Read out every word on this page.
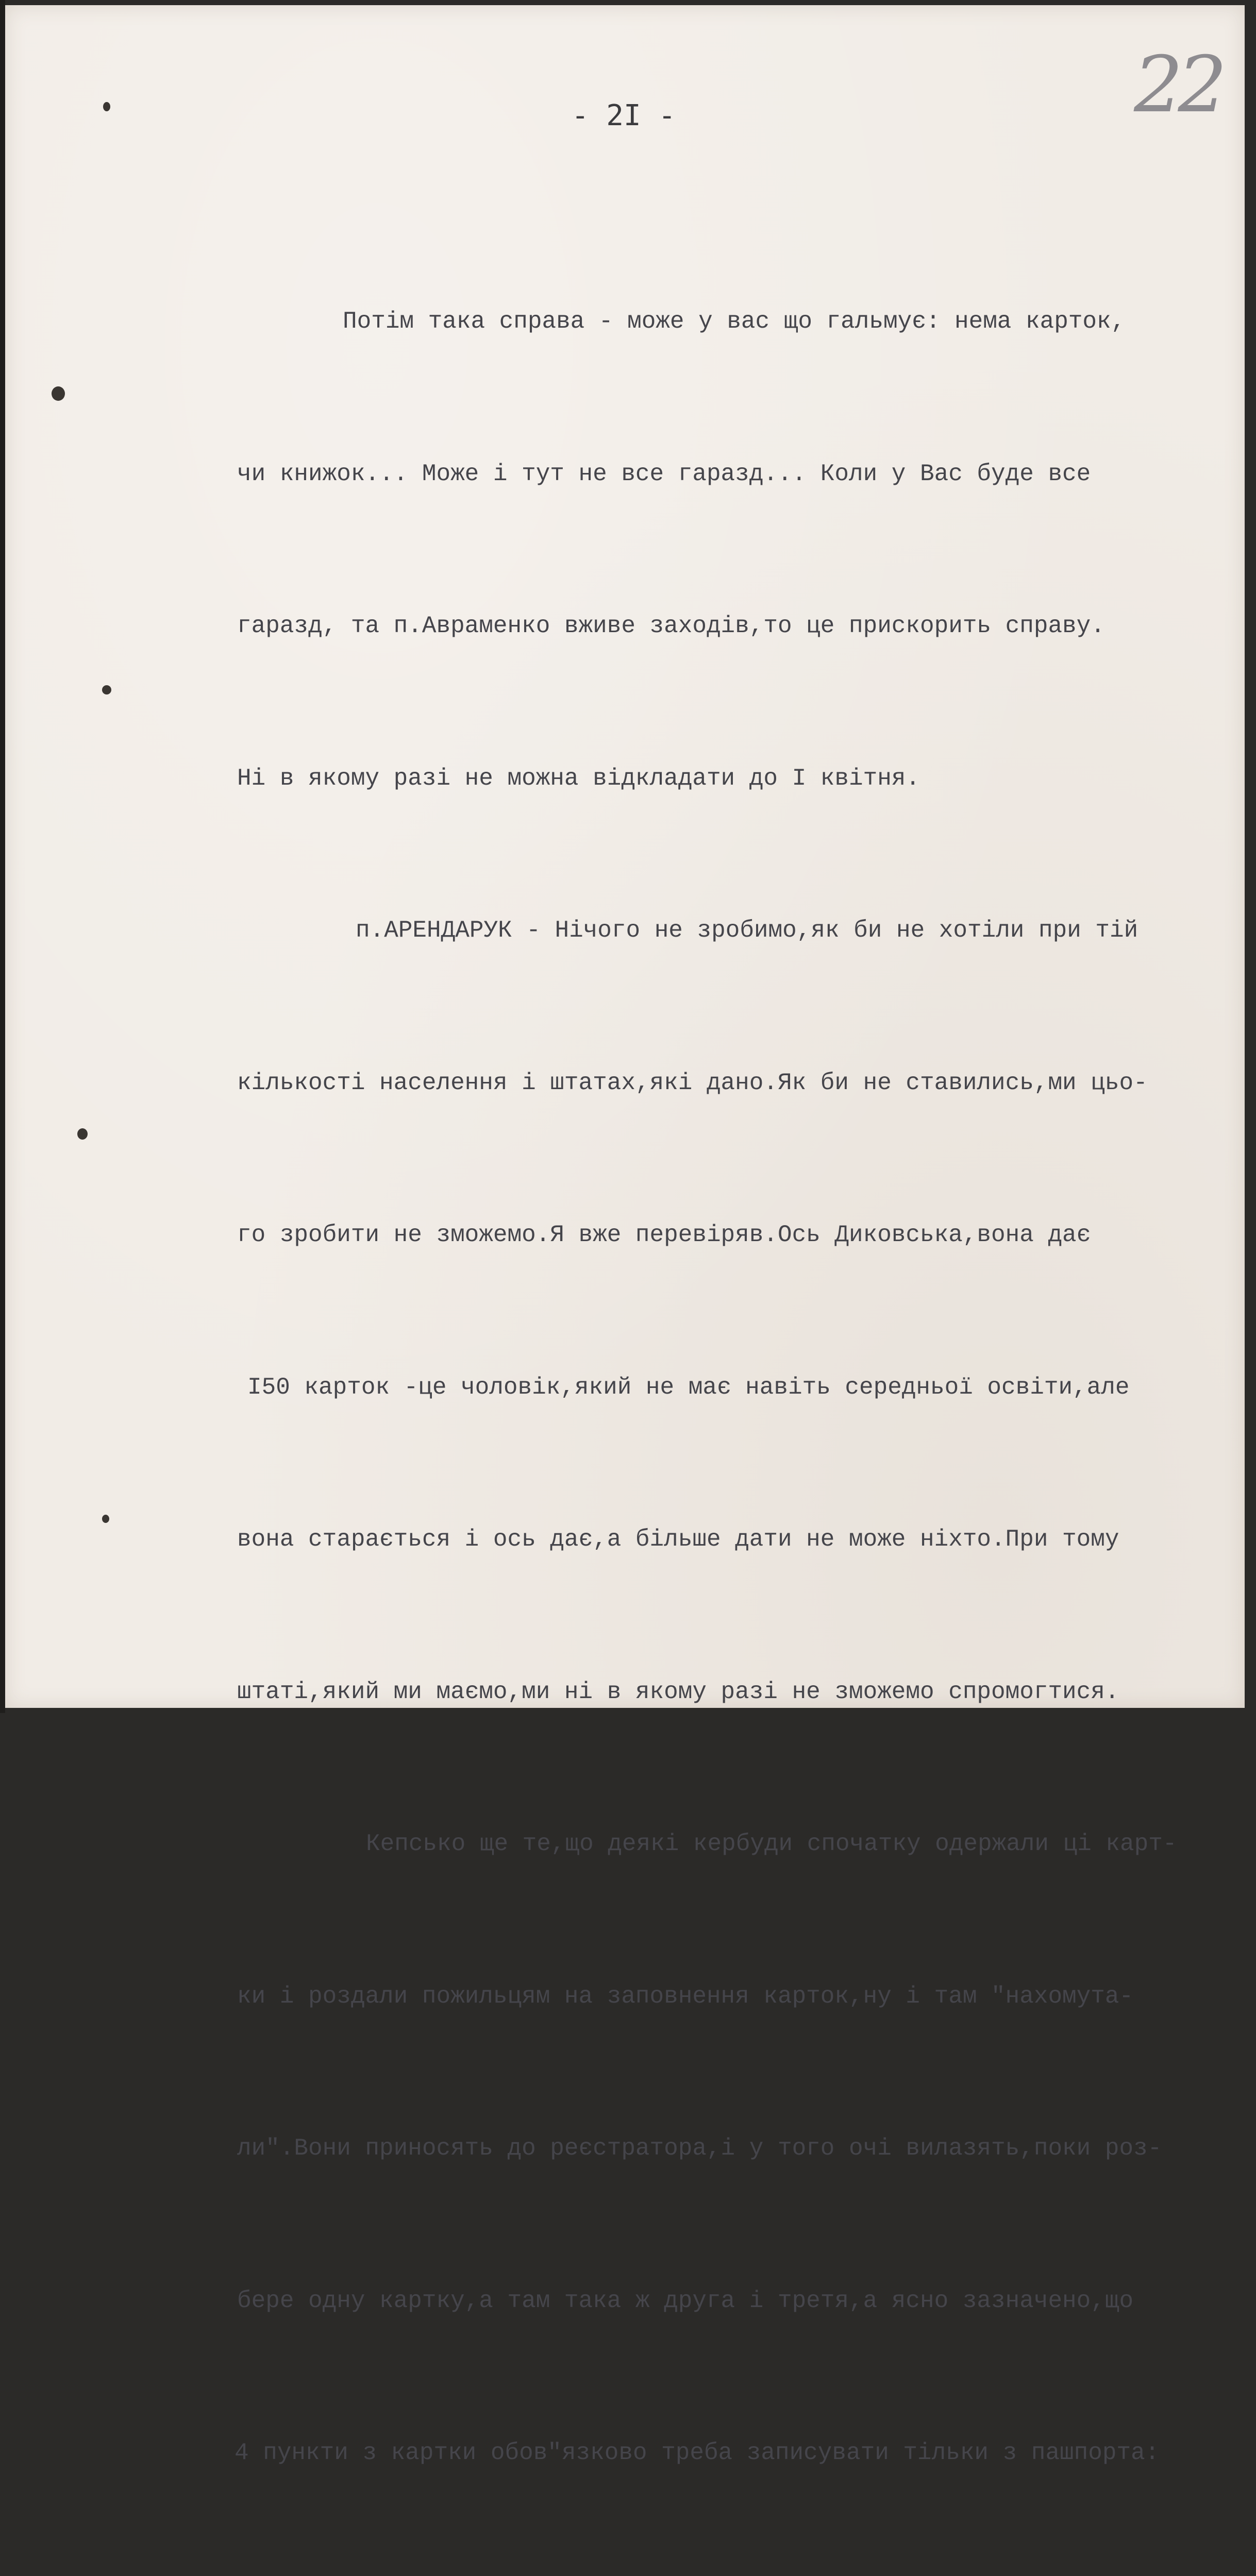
22
- 2I -

Потім така справа - може у вас що гальмує: нема карток,

чи книжок... Може і тут не все гаразд... Коли у Вас буде все

гаразд, та п.Авраменко вживе заходів,то це прискорить справу.

Ні в якому разі не можна відкладати до I квітня.

п.АРЕНДАРУК - Нічого не зробимо,як би не хотіли при тій

кількості населення і штатах,які дано.Як би не ставились,ми цьо-

го зробити не зможемо.Я вже перевіряв.Ось Диковська,вона дає

I50 карток -це чоловік,який не має навіть середньої освіти,але

вона старається і ось дає,а більше дати не може ніхто.При тому

штаті,який ми маємо,ми ні в якому разі не зможемо спромогтися.

Кепсько ще те,що деякі кербуди спочатку одержали ці карт-

ки і роздали пожильцям на заповнення карток,ну і там "нахомута-

ли".Вони приносять до реєстратора,і у того очі вилазять,поки роз-

бере одну картку,а там така ж друга і третя,а ясно зазначено,що

4 пункти з картки обов"язково треба записувати тільки з пашпорта:
